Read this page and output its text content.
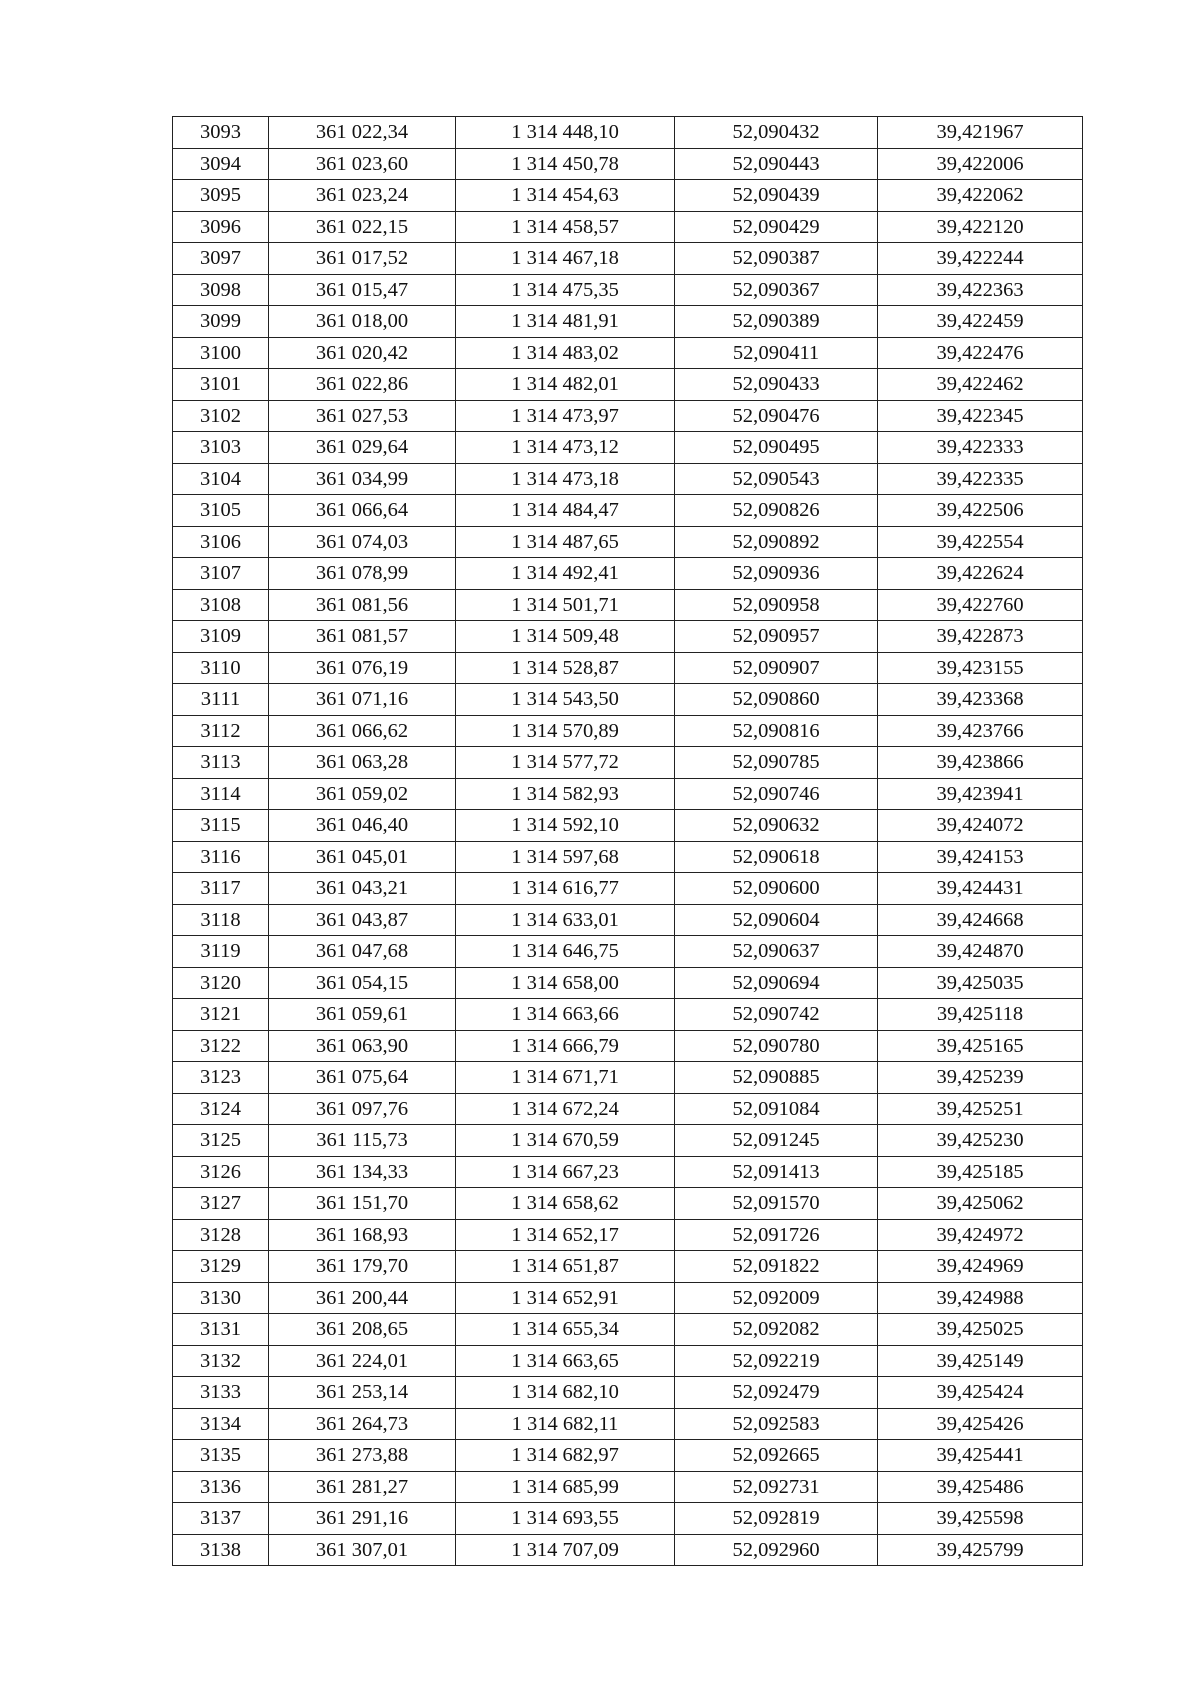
3093	361 022,34	1 314 448,10	52,090432	39,421967
3094	361 023,60	1 314 450,78	52,090443	39,422006
3095	361 023,24	1 314 454,63	52,090439	39,422062
3096	361 022,15	1 314 458,57	52,090429	39,422120
3097	361 017,52	1 314 467,18	52,090387	39,422244
3098	361 015,47	1 314 475,35	52,090367	39,422363
3099	361 018,00	1 314 481,91	52,090389	39,422459
3100	361 020,42	1 314 483,02	52,090411	39,422476
3101	361 022,86	1 314 482,01	52,090433	39,422462
3102	361 027,53	1 314 473,97	52,090476	39,422345
3103	361 029,64	1 314 473,12	52,090495	39,422333
3104	361 034,99	1 314 473,18	52,090543	39,422335
3105	361 066,64	1 314 484,47	52,090826	39,422506
3106	361 074,03	1 314 487,65	52,090892	39,422554
3107	361 078,99	1 314 492,41	52,090936	39,422624
3108	361 081,56	1 314 501,71	52,090958	39,422760
3109	361 081,57	1 314 509,48	52,090957	39,422873
3110	361 076,19	1 314 528,87	52,090907	39,423155
3111	361 071,16	1 314 543,50	52,090860	39,423368
3112	361 066,62	1 314 570,89	52,090816	39,423766
3113	361 063,28	1 314 577,72	52,090785	39,423866
3114	361 059,02	1 314 582,93	52,090746	39,423941
3115	361 046,40	1 314 592,10	52,090632	39,424072
3116	361 045,01	1 314 597,68	52,090618	39,424153
3117	361 043,21	1 314 616,77	52,090600	39,424431
3118	361 043,87	1 314 633,01	52,090604	39,424668
3119	361 047,68	1 314 646,75	52,090637	39,424870
3120	361 054,15	1 314 658,00	52,090694	39,425035
3121	361 059,61	1 314 663,66	52,090742	39,425118
3122	361 063,90	1 314 666,79	52,090780	39,425165
3123	361 075,64	1 314 671,71	52,090885	39,425239
3124	361 097,76	1 314 672,24	52,091084	39,425251
3125	361 115,73	1 314 670,59	52,091245	39,425230
3126	361 134,33	1 314 667,23	52,091413	39,425185
3127	361 151,70	1 314 658,62	52,091570	39,425062
3128	361 168,93	1 314 652,17	52,091726	39,424972
3129	361 179,70	1 314 651,87	52,091822	39,424969
3130	361 200,44	1 314 652,91	52,092009	39,424988
3131	361 208,65	1 314 655,34	52,092082	39,425025
3132	361 224,01	1 314 663,65	52,092219	39,425149
3133	361 253,14	1 314 682,10	52,092479	39,425424
3134	361 264,73	1 314 682,11	52,092583	39,425426
3135	361 273,88	1 314 682,97	52,092665	39,425441
3136	361 281,27	1 314 685,99	52,092731	39,425486
3137	361 291,16	1 314 693,55	52,092819	39,425598
3138	361 307,01	1 314 707,09	52,092960	39,425799
